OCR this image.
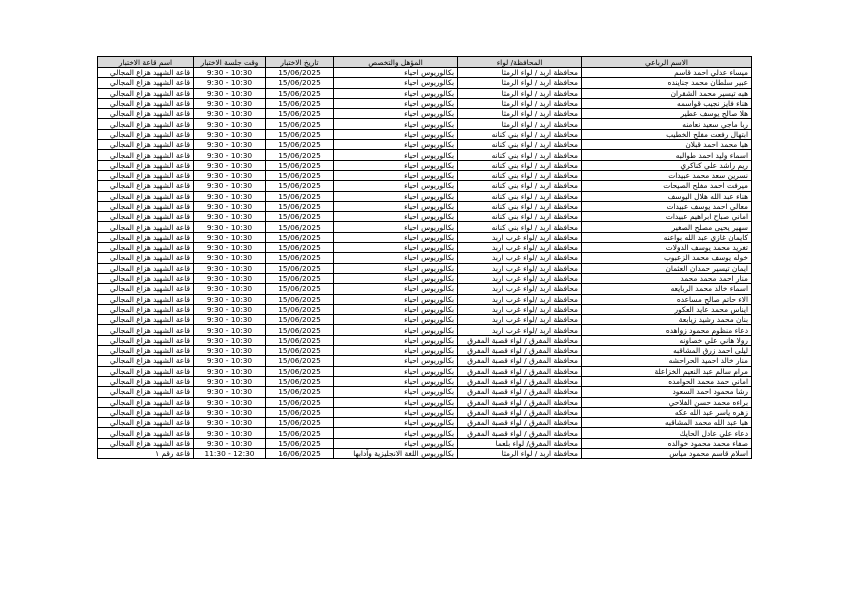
الاسم الرباعي	المحافظة/ لواء	المؤهل والتخصص	تاريخ الاختبار	وقت جلسة الاختبار	اسم قاعة الاختبار
ميساء عدلي احمد قاسم	محافظة اربد / لواء الرمثا	بكالوريوس احياء	15/06/2025	9:30 - 10:30	قاعة الشهيد هزاع المجالي
عبير سلطان محمد جناينده	محافظة اربد / لواء الرمثا	بكالوريوس احياء	15/06/2025	9:30 - 10:30	قاعة الشهيد هزاع المجالي
هبه تيسير محمد الشقران	محافظة اربد / لواء الرمثا	بكالوريوس احياء	15/06/2025	9:30 - 10:30	قاعة الشهيد هزاع المجالي
هناء فايز نجيب قواسمه	محافظة اربد / لواء الرمثا	بكالوريوس احياء	15/06/2025	9:30 - 10:30	قاعة الشهيد هزاع المجالي
هلا صالح يوسف عطير	محافظة اربد / لواء الرمثا	بكالوريوس احياء	15/06/2025	9:30 - 10:30	قاعة الشهيد هزاع المجالي
ربا ماجي سعيد نعامنه	محافظة اربد / لواء الرمثا	بكالوريوس احياء	15/06/2025	9:30 - 10:30	قاعة الشهيد هزاع المجالي
ابتهال رفعت مفلح الخطيب	محافظة اربد / لواء بني كنانه	بكالوريوس احياء	15/06/2025	9:30 - 10:30	قاعة الشهيد هزاع المجالي
هبا محمد احمد قبلان	محافظة اربد / لواء بني كنانه	بكالوريوس احياء	15/06/2025	9:30 - 10:30	قاعة الشهيد هزاع المجالي
اسماء وليد احمد طوالبه	محافظة اربد / لواء بني كنانه	بكالوريوس احياء	15/06/2025	9:30 - 10:30	قاعة الشهيد هزاع المجالي
ريم راشد علي كناكري	محافظة اربد / لواء بني كنانه	بكالوريوس احياء	15/06/2025	9:30 - 10:30	قاعة الشهيد هزاع المجالي
نسرين سعد محمد عبيدات	محافظة اربد / لواء بني كنانه	بكالوريوس احياء	15/06/2025	9:30 - 10:30	قاعة الشهيد هزاع المجالي
ميرفت احمد مفلح الصيحات	محافظة اربد / لواء بني كنانه	بكالوريوس احياء	15/06/2025	9:30 - 10:30	قاعة الشهيد هزاع المجالي
هناء عبد الله هلال اليوسف	محافظة اربد / لواء بني كنانه	بكالوريوس احياء	15/06/2025	9:30 - 10:30	قاعة الشهيد هزاع المجالي
معالي احمد يوسف عبيدات	محافظة اربد / لواء بني كنانه	بكالوريوس احياء	15/06/2025	9:30 - 10:30	قاعة الشهيد هزاع المجالي
اماني صباح ابراهيم عبيدات	محافظة اربد / لواء بني كنانه	بكالوريوس احياء	15/06/2025	9:30 - 10:30	قاعة الشهيد هزاع المجالي
سهير يحيى مصلح الصغير	محافظة اربد / لواء بني كنانه	بكالوريوس احياء	15/06/2025	9:30 - 10:30	قاعة الشهيد هزاع المجالي
كايمان غازي عبد الله بواعنه	محافظة اربد /لواء غرب اربد	بكالوريوس احياء	15/06/2025	9:30 - 10:30	قاعة الشهيد هزاع المجالي
تغريد محمد يوسف الدولات	محافظة اربد /لواء غرب اربد	بكالوريوس احياء	15/06/2025	9:30 - 10:30	قاعة الشهيد هزاع المجالي
خوله يوسف محمد الزعبوب	محافظة اربد /لواء غرب اربد	بكالوريوس احياء	15/06/2025	9:30 - 10:30	قاعة الشهيد هزاع المجالي
ايمان تيسير حمدان العثمان	محافظة اربد /لواء غرب اربد	بكالوريوس احياء	15/06/2025	9:30 - 10:30	قاعة الشهيد هزاع المجالي
منار احمد محمد محمد	محافظة اربد /لواء غرب اربد	بكالوريوس احياء	15/06/2025	9:30 - 10:30	قاعة الشهيد هزاع المجالي
اسماء خالد محمد الربايعه	محافظة اربد /لواء غرب اربد	بكالوريوس احياء	15/06/2025	9:30 - 10:30	قاعة الشهيد هزاع المجالي
الاء حاتم صالح مساعده	محافظة اربد /لواء غرب اربد	بكالوريوس احياء	15/06/2025	9:30 - 10:30	قاعة الشهيد هزاع المجالي
ايناس محمد عايد العكور	محافظة اربد /لواء غرب اربد	بكالوريوس احياء	15/06/2025	9:30 - 10:30	قاعة الشهيد هزاع المجالي
بنان محمد رشيد زيابعة	محافظة اربد /لواء غرب اربد	بكالوريوس احياء	15/06/2025	9:30 - 10:30	قاعة الشهيد هزاع المجالي
دعاء منظوم محمود زواهده	محافظة اربد /لواء غرب اربد	بكالوريوس احياء	15/06/2025	9:30 - 10:30	قاعة الشهيد هزاع المجالي
رولا هاني علي خصاونه	محافظة المفرق / لواء قصبة المفرق	بكالوريوس احياء	15/06/2025	9:30 - 10:30	قاعة الشهيد هزاع المجالي
ليلى احمد زرق المشاقبه	محافظة المفرق / لواء قصبة المفرق	بكالوريوس احياء	15/06/2025	9:30 - 10:30	قاعة الشهيد هزاع المجالي
منار خالد احميد الحراحشه	محافظة المفرق / لواء قصبة المفرق	بكالوريوس احياء	15/06/2025	9:30 - 10:30	قاعة الشهيد هزاع المجالي
مرام سالم عبد النعيم الخزاعلة	محافظة المفرق / لواء قصبة المفرق	بكالوريوس احياء	15/06/2025	9:30 - 10:30	قاعة الشهيد هزاع المجالي
اماني حمد محمد الحوامده	محافظة المفرق / لواء قصبة المفرق	بكالوريوس احياء	15/06/2025	9:30 - 10:30	قاعة الشهيد هزاع المجالي
رشا محمود احمد السعود	محافظة المفرق / لواء قصبة المفرق	بكالوريوس احياء	15/06/2025	9:30 - 10:30	قاعة الشهيد هزاع المجالي
براءه محمد حسن الفلاحي	محافظة المفرق / لواء قصبة المفرق	بكالوريوس احياء	15/06/2025	9:30 - 10:30	قاعة الشهيد هزاع المجالي
زهره ياسر عبد الله عكه	محافظة المفرق / لواء قصبة المفرق	بكالوريوس احياء	15/06/2025	9:30 - 10:30	قاعة الشهيد هزاع المجالي
هبا عبد الله محمد المشاقبه	محافظة المفرق / لواء قصبة المفرق	بكالوريوس احياء	15/06/2025	9:30 - 10:30	قاعة الشهيد هزاع المجالي
دعاء علي عادل الحايك	محافظة المفرق / لواء قصبة المفرق	بكالوريوس احياء	15/06/2025	9:30 - 10:30	قاعة الشهيد هزاع المجالي
صفاء محمد محمود خوالده	محافظة المفرق/ لواء بلعما	بكالوريوس احياء	15/06/2025	9:30 - 10:30	قاعة الشهيد هزاع المجالي
اسلام قاسم محمود مياس	محافظة اربد / لواء الرمثا	بكالوريوس اللغة الانجليزية وآدابها	16/06/2025	11:30 - 12:30	قاعة رقم ١
